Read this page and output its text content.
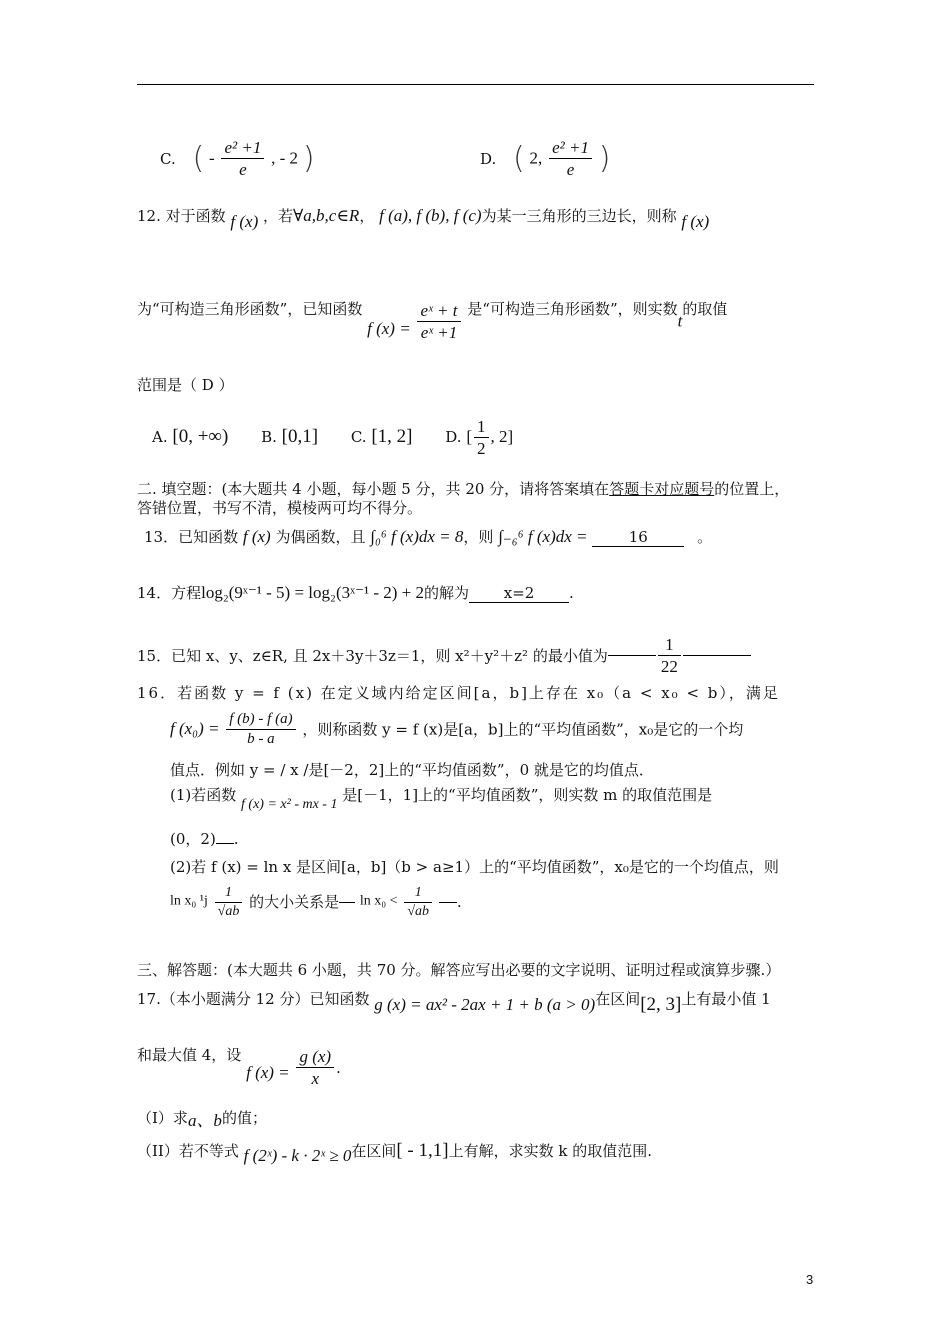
C. ( - $\frac{\text{e² +1}}{e}$ , - 2 )	D. ( 2, $\frac{\text{e² +1}}{e}$ )
12. 对于函数 f (x) ，若∀a,b,c∈R， f (a), f (b), f (c)为某一三角形的三边长，则称 f (x)
为“可构造三角形函数”，已知函数 f $(x) = \frac{\text{eˣ + t}}{\text{eˣ +1}}$ 是“可构造三角形函数”，则实数t的取值
范围是（ D ）
A. [0, +∞) B. [0,1] C. [1, 2] D. [ $\frac{1}{2}$ , 2]
二. 填空题：(本大题共 4 小题，每小题 5 分，共 20 分，请将答案填在答题卡对应题号的位置上，
答错位置，书写不清，模棱两可均不得分。
13．已知函数 f (x) 为偶函数，且 ∫₀⁶ f (x)dx = 8，则 ∫₋₆⁶ f (x)dx =	16	。
14．方程log₂(9ˣ⁻¹ - 5) = log₂(3ˣ⁻¹ - 2) + 2的解为 x=2 .
15．已知 x、y、z∈R, 且 2x＋3y＋3z＝1，则 x²＋y²＋z² 的最小值为	$\frac{1}{22}$
16．若函数 y = f (x) 在定义域内给定区间[a，b]上存在 x₀（a < x₀ < b），满足
f $(x_0) = \frac{f (b) - f (a)}{b - a}$ ，则称函数 y = f (x)是[a，b]上的“平均值函数”，x₀是它的一个均
值点．例如 y = / x /是[－2，2]上的“平均值函数”，0 就是它的均值点．
(1)若函数 f (x) = x² - mx - 1 是[－1，1]上的“平均值函数”，则实数 m 的取值范围是
(0，2) .
(2)若 f (x) = ln x 是区间[a，b]（b > a≥1）上的“平均值函数”，x₀是它的一个均值点，则
ln x₀ $^1j \frac{1}{√ab}$ 的大小关系是 $\ln x_0 < \frac{1}{√ab}$ .
三、解答题：(本大题共 6 小题，共 70 分。解答应写出必要的文字说明、证明过程或演算步骤.）
17.（本小题满分 12 分）已知函数 g (x) = ax² - 2ax + 1 + b (a > 0)在区间[2, 3]上有最小值 1
和最大值 4，设 f $(x) = \frac{g (x)}{x}$ .
（I）求a、b的值；
（II）若不等式 f (2ˣ) - k · 2ˣ ≥ 0在区间[ - 1,1]上有解，求实数 k 的取值范围.
3
